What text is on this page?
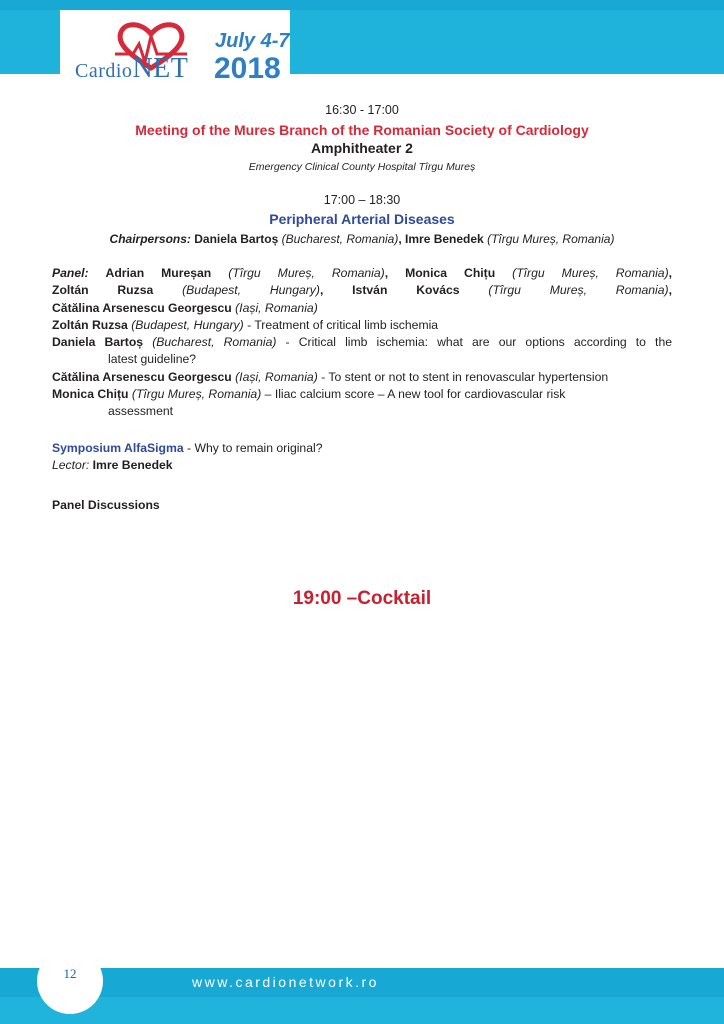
CardioNET
July 4-7
2018
16:30 - 17:00
Meeting of the Mures Branch of the Romanian Society of Cardiology
Amphitheater 2
Emergency Clinical County Hospital Tîrgu Mureș
17:00 – 18:30
Peripheral Arterial Diseases
Chairpersons: Daniela Bartoș (Bucharest, Romania), Imre Benedek (Tîrgu Mureș, Romania)
Panel: Adrian Mureșan (Tîrgu Mureș, Romania), Monica Chițu (Tîrgu Mureș, Romania),
Zoltán Ruzsa (Budapest, Hungary), István Kovács (Tîrgu Mureș, Romania),
Cătălina Arsenescu Georgescu (Iași, Romania)
Zoltán Ruzsa (Budapest, Hungary) - Treatment of critical limb ischemia
Daniela Bartoș (Bucharest, Romania) - Critical limb ischemia: what are our options according to the
latest guideline?
Cătălina Arsenescu Georgescu (Iași, Romania) - To stent or not to stent in renovascular hypertension
Monica Chițu (Tîrgu Mureș, Romania) – Iliac calcium score – A new tool for cardiovascular risk
assessment
Symposium AlfaSigma - Why to remain original?
Lector: Imre Benedek
Panel Discussions
19:00 –Cocktail
12
www.cardionetwork.ro
